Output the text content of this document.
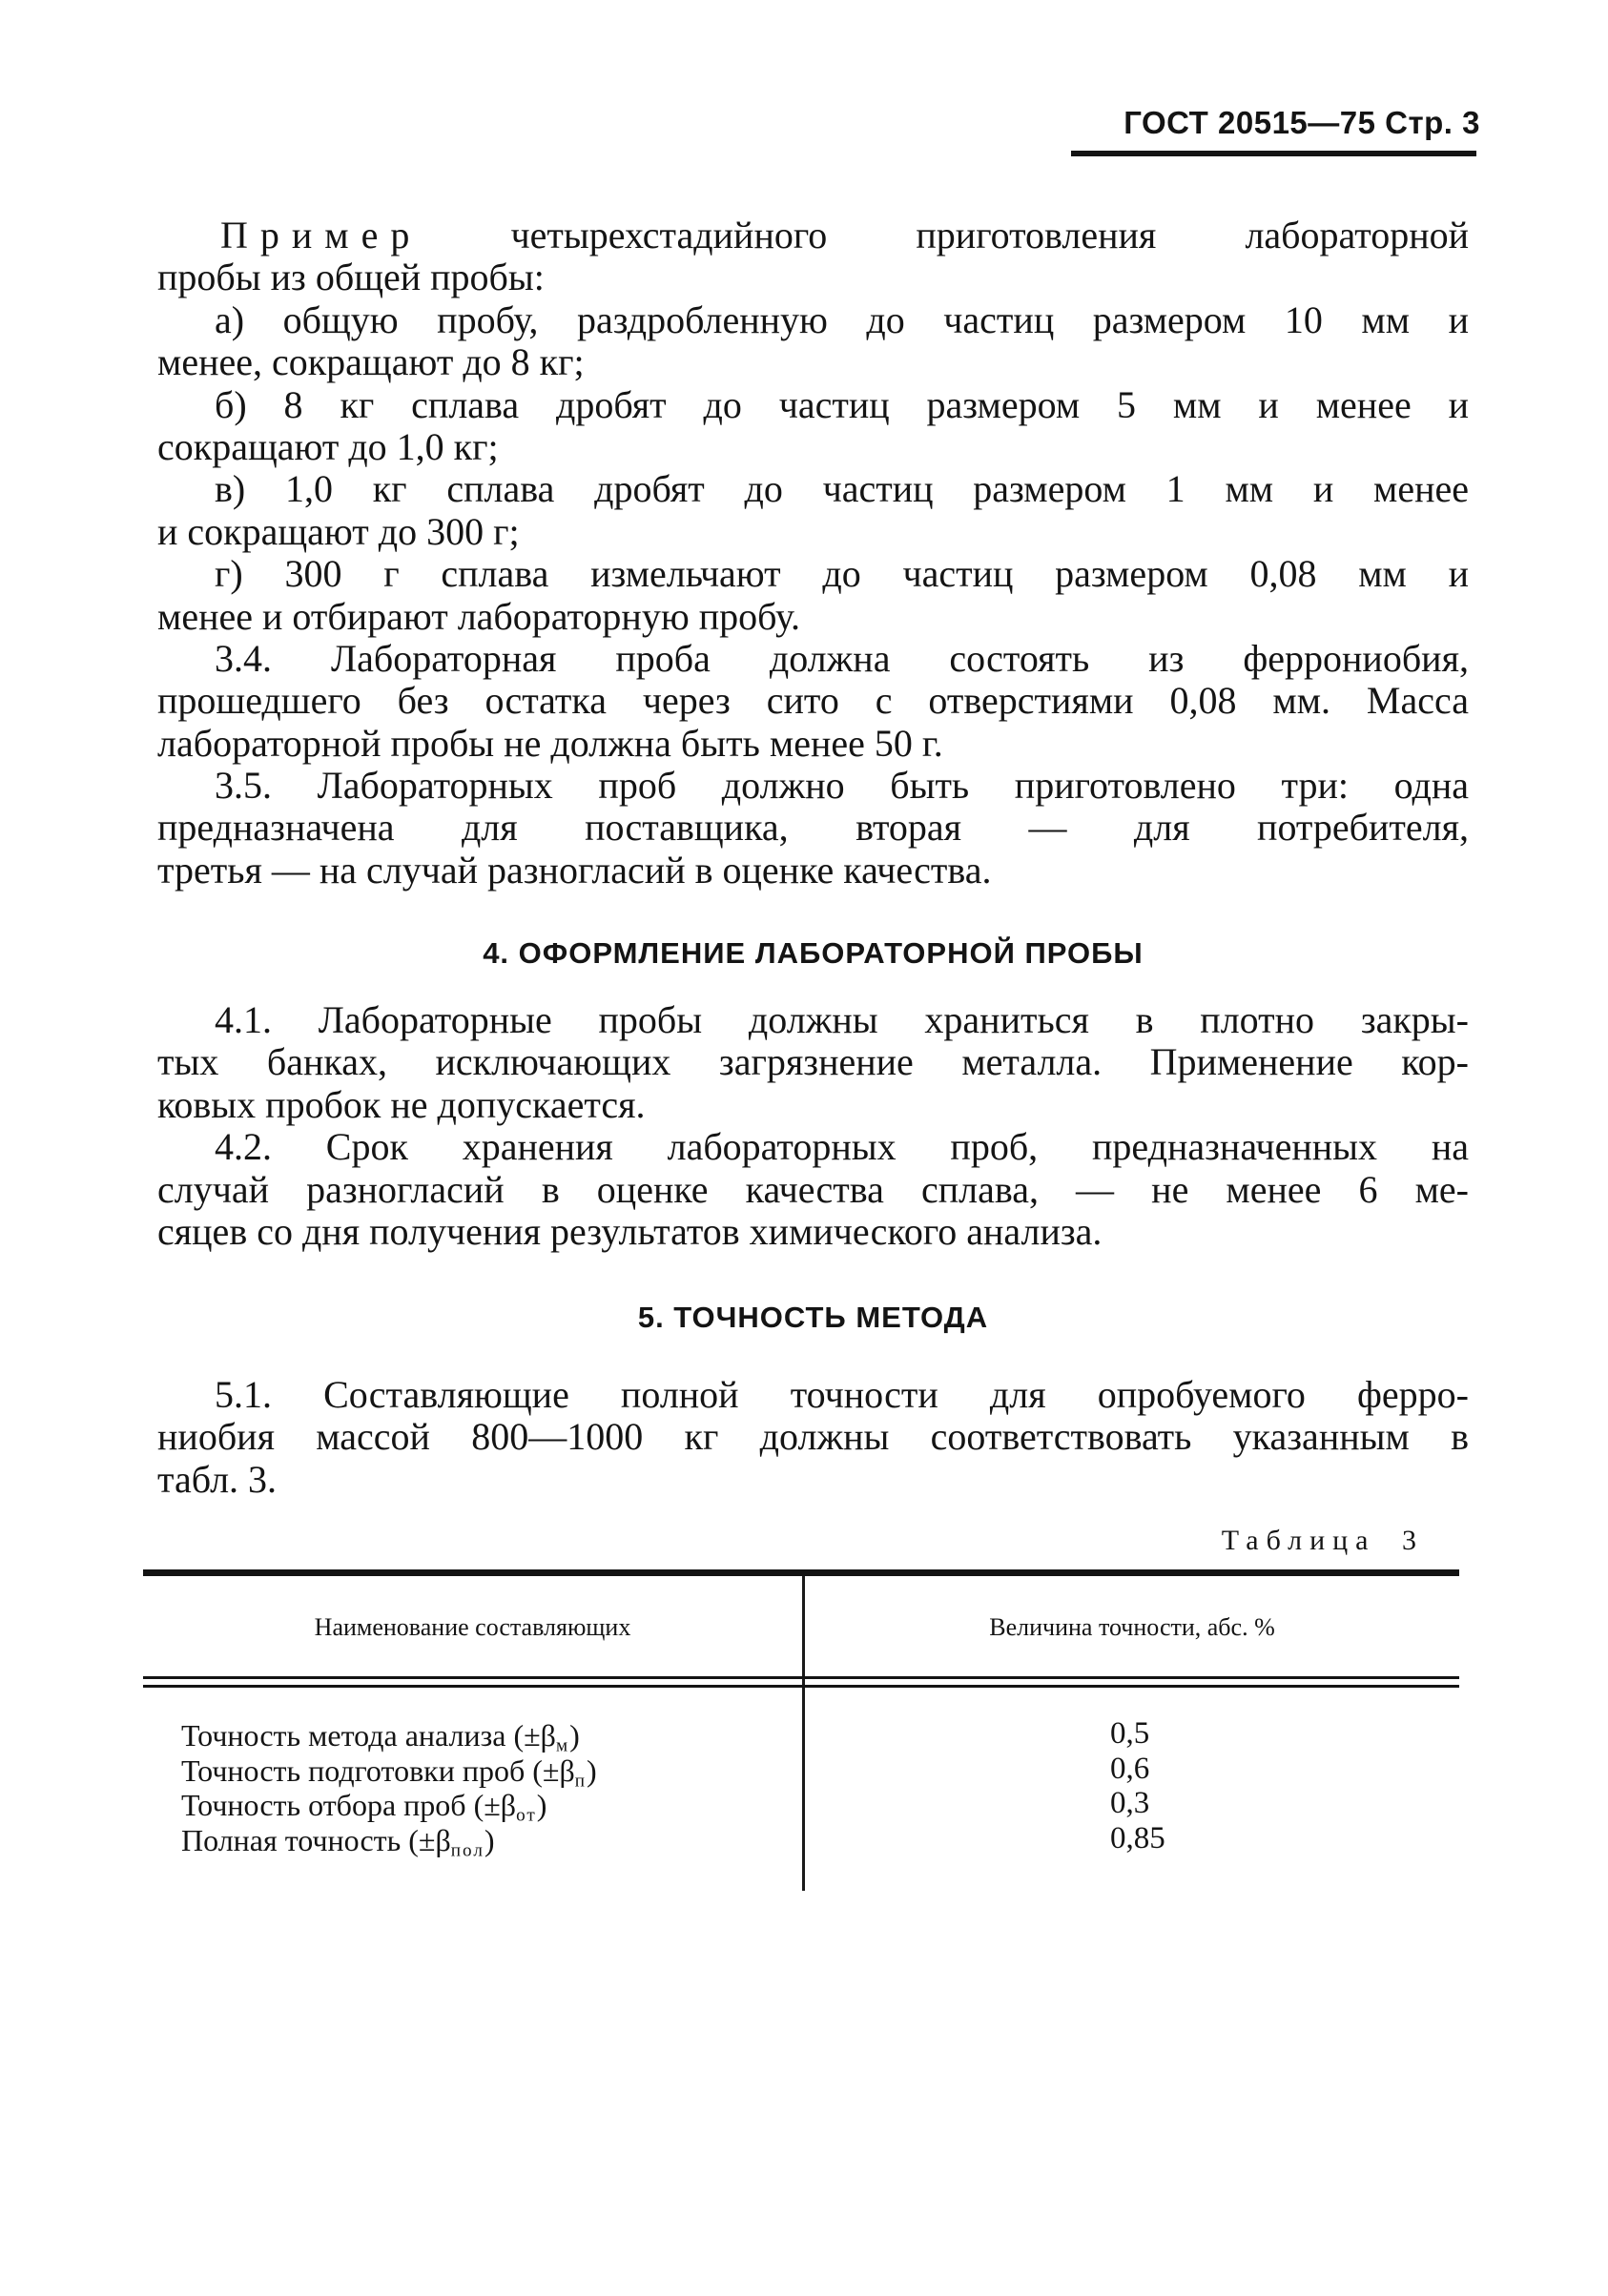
ГОСТ 20515—75 Стр. 3
Пример четырехстадийного приготовления лабораторной
пробы из общей пробы:
а) общую пробу, раздробленную до частиц размером 10 мм и
менее, сокращают до 8 кг;
б) 8 кг сплава дробят до частиц размером 5 мм и менее и
сокращают до 1,0 кг;
в) 1,0 кг сплава дробят до частиц размером 1 мм и менее
и сокращают до 300 г;
г) 300 г сплава измельчают до частиц размером 0,08 мм и
менее и отбирают лабораторную пробу.
3.4. Лабораторная проба должна состоять из феррониобия,
прошедшего без остатка через сито с отверстиями 0,08 мм. Масса
лабораторной пробы не должна быть менее 50 г.
3.5. Лабораторных проб должно быть приготовлено три: одна
предназначена для поставщика, вторая — для потребителя,
третья — на случай разногласий в оценке качества.
4. ОФОРМЛЕНИЕ ЛАБОРАТОРНОЙ ПРОБЫ
4.1. Лабораторные пробы должны храниться в плотно закры-
тых банках, исключающих загрязнение металла. Применение кор-
ковых пробок не допускается.
4.2. Срок хранения лабораторных проб, предназначенных на
случай разногласий в оценке качества сплава, — не менее 6 ме-
сяцев со дня получения результатов химического анализа.
5. ТОЧНОСТЬ МЕТОДА
5.1. Составляющие полной точности для опробуемого ферро-
ниобия массой 800—1000 кг должны соответствовать указанным в
табл. 3.
Таблица 3
Наименование составляющих	Величина точности, абс. %
Точность метода анализа $(\pm\beta_м)$
Точность подготовки проб $(\pm\beta_п)$
Точность отбора проб $(\pm\beta_{от})$
Полная точность $(\pm\beta_{пол})$
0,5
0,6
0,3
0,85
